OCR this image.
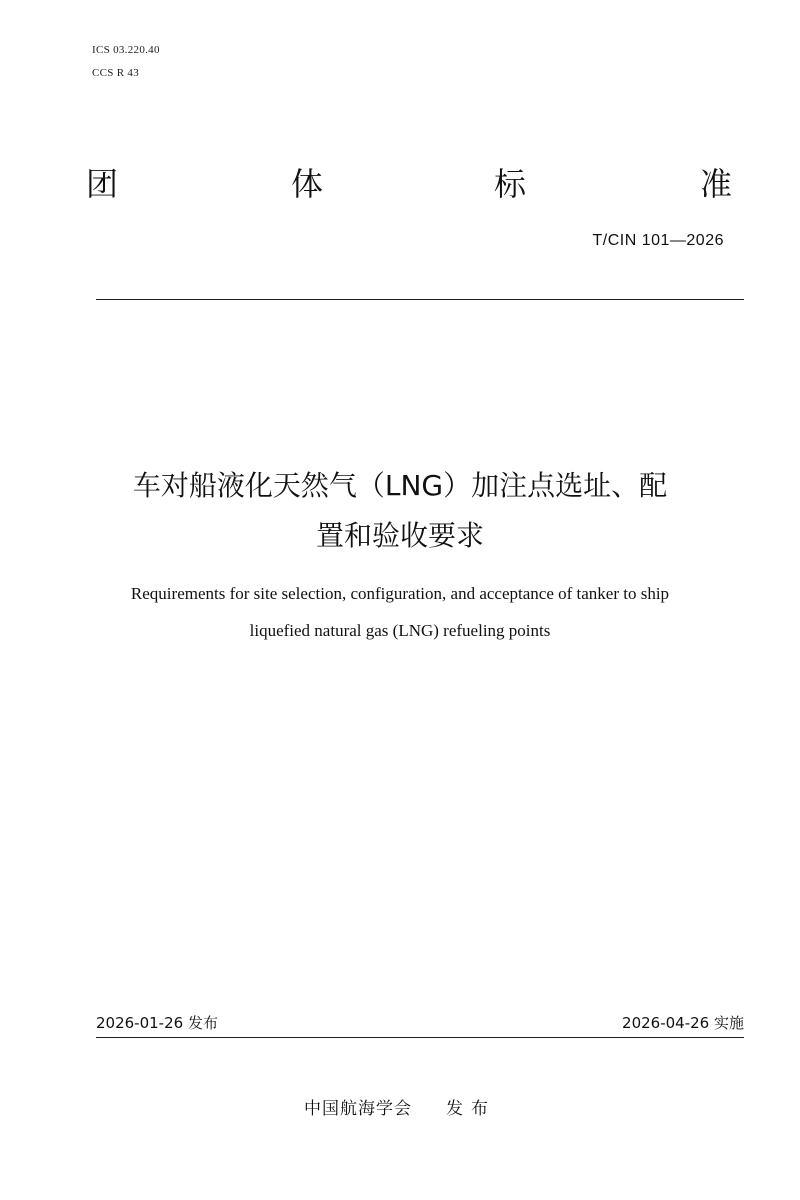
ICS 03.220.40
CCS R 43
团	体	标	准
T/CIN 101—2026
车对船液化天然气（LNG）加注点选址、配
置和验收要求
Requirements for site selection, configuration, and acceptance of tanker to ship
liquefied natural gas (LNG) refueling points
2026-01-26 发布	2026-04-26 实施
中国航海学会 发布
